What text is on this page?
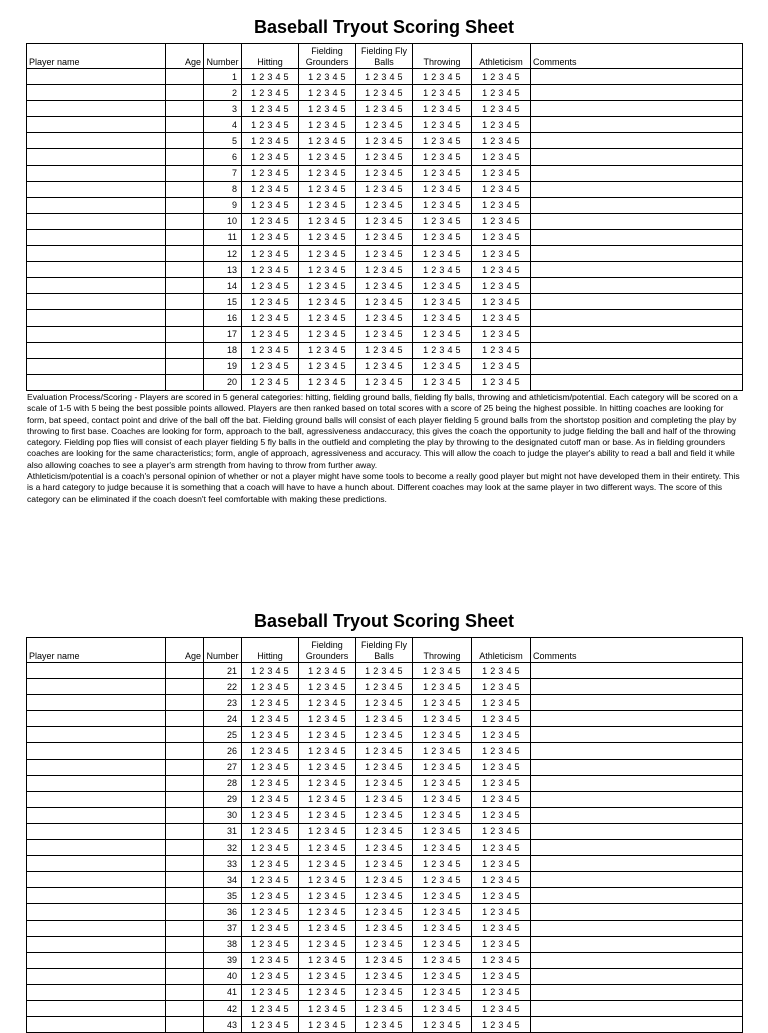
Baseball Tryout Scoring Sheet
Player name	Age	Number	Hitting	Fielding Grounders	Fielding Fly Balls	Throwing	Athleticism	Comments
		1	1 2 3 4 5	1 2 3 4 5	1 2 3 4 5	1 2 3 4 5	1 2 3 4 5	
		2	1 2 3 4 5	1 2 3 4 5	1 2 3 4 5	1 2 3 4 5	1 2 3 4 5	
		3	1 2 3 4 5	1 2 3 4 5	1 2 3 4 5	1 2 3 4 5	1 2 3 4 5	
		4	1 2 3 4 5	1 2 3 4 5	1 2 3 4 5	1 2 3 4 5	1 2 3 4 5	
		5	1 2 3 4 5	1 2 3 4 5	1 2 3 4 5	1 2 3 4 5	1 2 3 4 5	
		6	1 2 3 4 5	1 2 3 4 5	1 2 3 4 5	1 2 3 4 5	1 2 3 4 5	
		7	1 2 3 4 5	1 2 3 4 5	1 2 3 4 5	1 2 3 4 5	1 2 3 4 5	
		8	1 2 3 4 5	1 2 3 4 5	1 2 3 4 5	1 2 3 4 5	1 2 3 4 5	
		9	1 2 3 4 5	1 2 3 4 5	1 2 3 4 5	1 2 3 4 5	1 2 3 4 5	
		10	1 2 3 4 5	1 2 3 4 5	1 2 3 4 5	1 2 3 4 5	1 2 3 4 5	
		11	1 2 3 4 5	1 2 3 4 5	1 2 3 4 5	1 2 3 4 5	1 2 3 4 5	
		12	1 2 3 4 5	1 2 3 4 5	1 2 3 4 5	1 2 3 4 5	1 2 3 4 5	
		13	1 2 3 4 5	1 2 3 4 5	1 2 3 4 5	1 2 3 4 5	1 2 3 4 5	
		14	1 2 3 4 5	1 2 3 4 5	1 2 3 4 5	1 2 3 4 5	1 2 3 4 5	
		15	1 2 3 4 5	1 2 3 4 5	1 2 3 4 5	1 2 3 4 5	1 2 3 4 5	
		16	1 2 3 4 5	1 2 3 4 5	1 2 3 4 5	1 2 3 4 5	1 2 3 4 5	
		17	1 2 3 4 5	1 2 3 4 5	1 2 3 4 5	1 2 3 4 5	1 2 3 4 5	
		18	1 2 3 4 5	1 2 3 4 5	1 2 3 4 5	1 2 3 4 5	1 2 3 4 5	
		19	1 2 3 4 5	1 2 3 4 5	1 2 3 4 5	1 2 3 4 5	1 2 3 4 5	
		20	1 2 3 4 5	1 2 3 4 5	1 2 3 4 5	1 2 3 4 5	1 2 3 4 5	

Evaluation Process/Scoring - Players are scored in 5 general categories: hitting, fielding ground balls, fielding fly balls, throwing and athleticism/potential. Each category will be scored on a scale of 1-5 with 5 being the best possible points allowed. Players are then ranked based on total scores with a score of 25 being the highest possible. In hitting coaches are looking for form, bat speed, contact point and drive of the ball off the bat. Fielding ground balls will consist of each player fielding 5 ground balls from the shortstop position and completing the play by throwing to first base. Coaches are looking for form, approach to the ball, agressiveness andaccuracy, this gives the coach the opportunity to judge fielding the ball and half of the throwing category. Fielding pop flies will consist of each player fielding 5 fly balls in the outfield and completing the play by throwing to the designated cutoff man or base. As in fielding grounders coaches are looking for the same characteristics; form, angle of approach, agressiveness and accuracy. This will allow the coach to judge the player's ability to read a ball and field it while also allowing coaches to see a player's arm strength from having to throw from further away.

Athleticism/potential is a coach's personal opinion of whether or not a player might have some tools to become a really good player but might not have developed them in their entirety. This is a hard category to judge because it is something that a coach will have to have a hunch about. Different coaches may look at the same player in two different ways. The score of this category can be eliminated if the coach doesn't feel comfortable with making these predictions.

Baseball Tryout Scoring Sheet
Player name	Age	Number	Hitting	Fielding Grounders	Fielding Fly Balls	Throwing	Athleticism	Comments
		21	1 2 3 4 5	1 2 3 4 5	1 2 3 4 5	1 2 3 4 5	1 2 3 4 5	
		22	1 2 3 4 5	1 2 3 4 5	1 2 3 4 5	1 2 3 4 5	1 2 3 4 5	
		23	1 2 3 4 5	1 2 3 4 5	1 2 3 4 5	1 2 3 4 5	1 2 3 4 5	
		24	1 2 3 4 5	1 2 3 4 5	1 2 3 4 5	1 2 3 4 5	1 2 3 4 5	
		25	1 2 3 4 5	1 2 3 4 5	1 2 3 4 5	1 2 3 4 5	1 2 3 4 5	
		26	1 2 3 4 5	1 2 3 4 5	1 2 3 4 5	1 2 3 4 5	1 2 3 4 5	
		27	1 2 3 4 5	1 2 3 4 5	1 2 3 4 5	1 2 3 4 5	1 2 3 4 5	
		28	1 2 3 4 5	1 2 3 4 5	1 2 3 4 5	1 2 3 4 5	1 2 3 4 5	
		29	1 2 3 4 5	1 2 3 4 5	1 2 3 4 5	1 2 3 4 5	1 2 3 4 5	
		30	1 2 3 4 5	1 2 3 4 5	1 2 3 4 5	1 2 3 4 5	1 2 3 4 5	
		31	1 2 3 4 5	1 2 3 4 5	1 2 3 4 5	1 2 3 4 5	1 2 3 4 5	
		32	1 2 3 4 5	1 2 3 4 5	1 2 3 4 5	1 2 3 4 5	1 2 3 4 5	
		33	1 2 3 4 5	1 2 3 4 5	1 2 3 4 5	1 2 3 4 5	1 2 3 4 5	
		34	1 2 3 4 5	1 2 3 4 5	1 2 3 4 5	1 2 3 4 5	1 2 3 4 5	
		35	1 2 3 4 5	1 2 3 4 5	1 2 3 4 5	1 2 3 4 5	1 2 3 4 5	
		36	1 2 3 4 5	1 2 3 4 5	1 2 3 4 5	1 2 3 4 5	1 2 3 4 5	
		37	1 2 3 4 5	1 2 3 4 5	1 2 3 4 5	1 2 3 4 5	1 2 3 4 5	
		38	1 2 3 4 5	1 2 3 4 5	1 2 3 4 5	1 2 3 4 5	1 2 3 4 5	
		39	1 2 3 4 5	1 2 3 4 5	1 2 3 4 5	1 2 3 4 5	1 2 3 4 5	
		40	1 2 3 4 5	1 2 3 4 5	1 2 3 4 5	1 2 3 4 5	1 2 3 4 5	
		41	1 2 3 4 5	1 2 3 4 5	1 2 3 4 5	1 2 3 4 5	1 2 3 4 5	
		42	1 2 3 4 5	1 2 3 4 5	1 2 3 4 5	1 2 3 4 5	1 2 3 4 5	
		43	1 2 3 4 5	1 2 3 4 5	1 2 3 4 5	1 2 3 4 5	1 2 3 4 5	
